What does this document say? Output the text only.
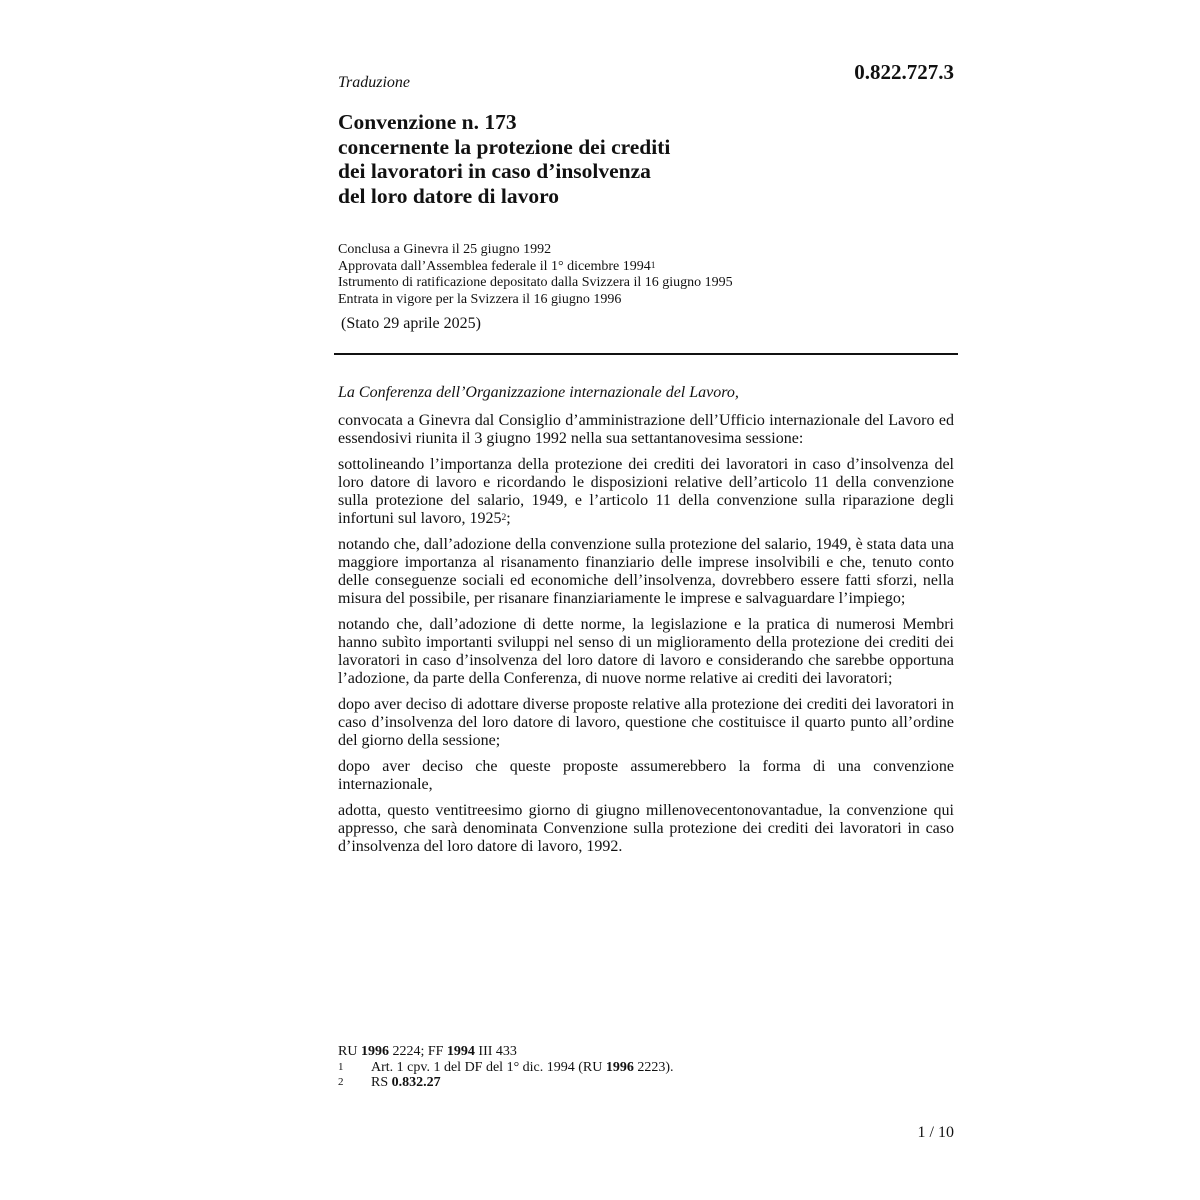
0.822.727.3
Traduzione
Convenzione n. 173
concernente la protezione dei crediti
dei lavoratori in caso d’insolvenza
del loro datore di lavoro
Conclusa a Ginevra il 25 giugno 1992
Approvata dall’Assemblea federale il 1° dicembre 1994$^1$
Istrumento di ratificazione depositato dalla Svizzera il 16 giugno 1995
Entrata in vigore per la Svizzera il 16 giugno 1996
(Stato 29 aprile 2025)

La Conferenza dell’Organizzazione internazionale del Lavoro,

convocata a Ginevra dal Consiglio d’amministrazione dell’Ufficio internazionale del Lavoro ed essendosivi riunita il 3 giugno 1992 nella sua settantanovesima sessione:

sottolineando l’importanza della protezione dei crediti dei lavoratori in caso d’insolvenza del loro datore di lavoro e ricordando le disposizioni relative dell’articolo 11 della convenzione sulla protezione del salario, 1949, e l’articolo 11 della convenzione sulla riparazione degli infortuni sul lavoro, 1925$^2$;

notando che, dall’adozione della convenzione sulla protezione del salario, 1949, è stata data una maggiore importanza al risanamento finanziario delle imprese insolvibili e che, tenuto conto delle conseguenze sociali ed economiche dell’insolvenza, dovrebbero essere fatti sforzi, nella misura del possibile, per risanare finanziariamente le imprese e salvaguardare l’impiego;

notando che, dall’adozione di dette norme, la legislazione e la pratica di numerosi Membri hanno subìto importanti sviluppi nel senso di un miglioramento della protezione dei crediti dei lavoratori in caso d’insolvenza del loro datore di lavoro e considerando che sarebbe opportuna l’adozione, da parte della Conferenza, di nuove norme relative ai crediti dei lavoratori;

dopo aver deciso di adottare diverse proposte relative alla protezione dei crediti dei lavoratori in caso d’insolvenza del loro datore di lavoro, questione che costituisce il quarto punto all’ordine del giorno della sessione;

dopo aver deciso che queste proposte assumerebbero la forma di una convenzione internazionale,

adotta, questo ventitreesimo giorno di giugno millenovecentonovantadue, la convenzione qui appresso, che sarà denominata Convenzione sulla protezione dei crediti dei lavoratori in caso d’insolvenza del loro datore di lavoro, 1992.

RU 1996 2224; FF 1994 III 433
1	Art. 1 cpv. 1 del DF del 1° dic. 1994 (RU 1996 2223).
2	RS 0.832.27
1 / 10
